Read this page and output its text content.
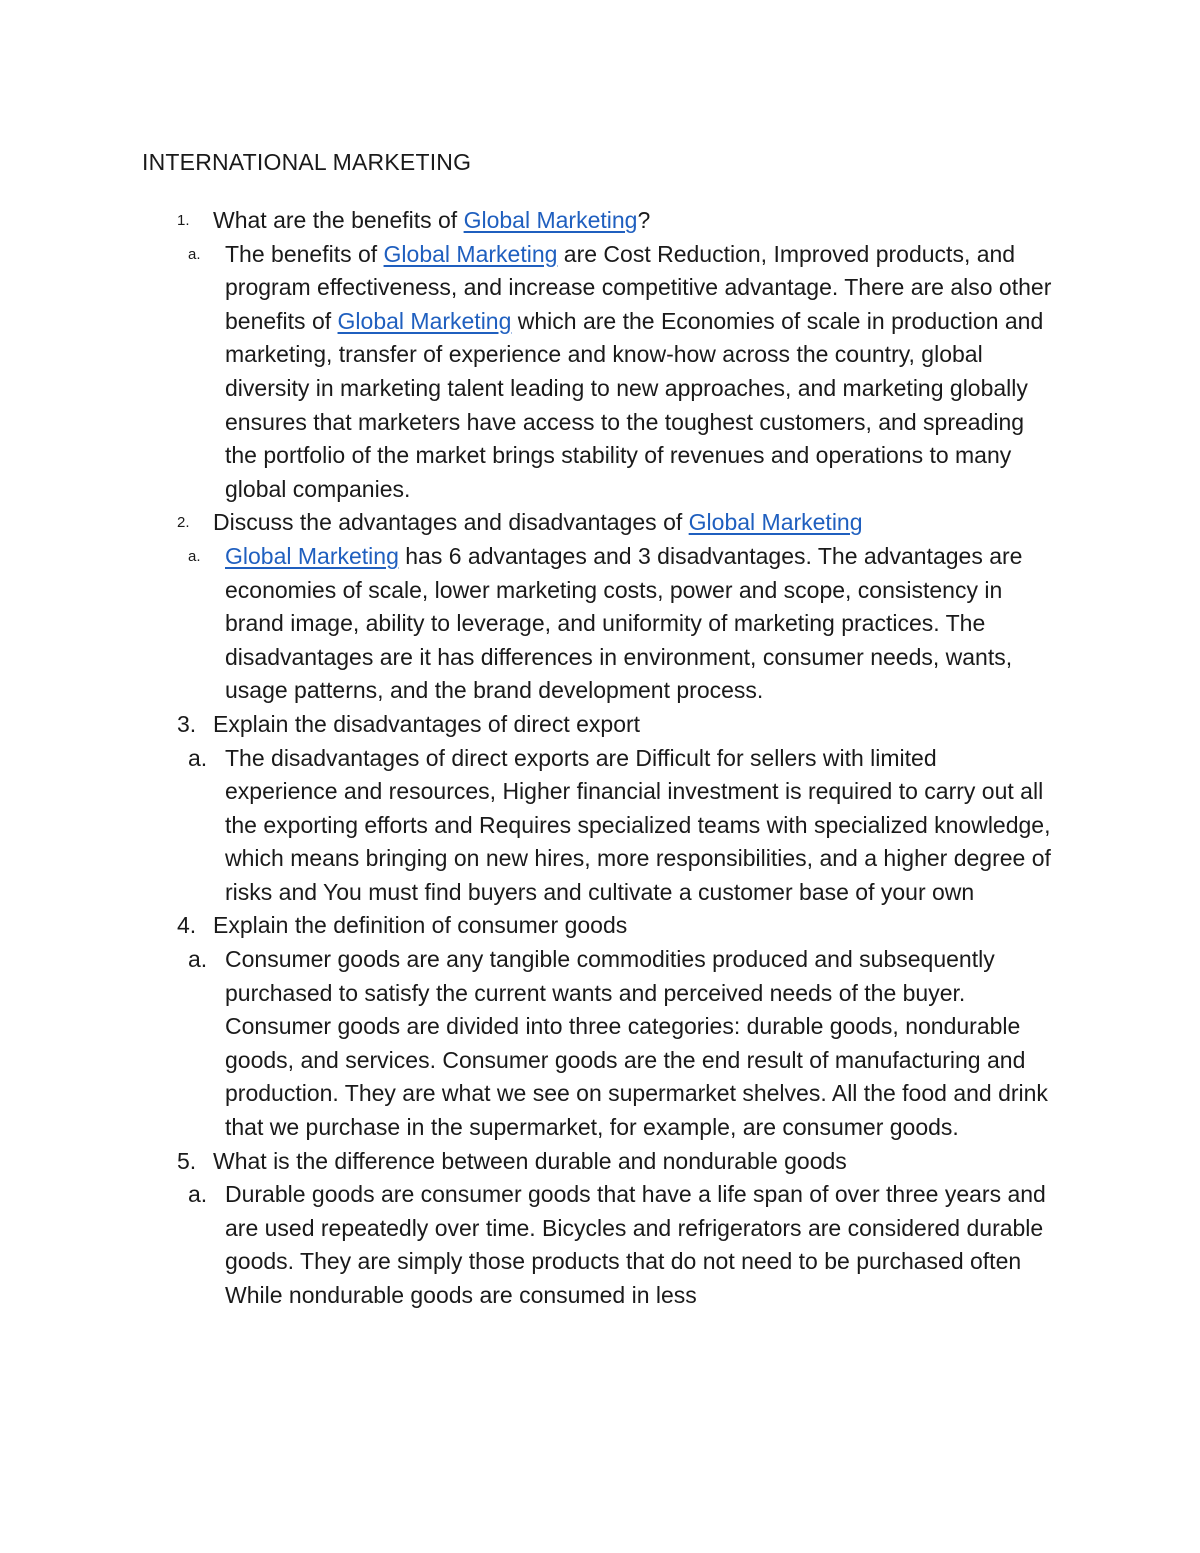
INTERNATIONAL MARKETING
1. What are the benefits of Global Marketing?
a. The benefits of Global Marketing are Cost Reduction, Improved products, and program effectiveness, and increase competitive advantage. There are also other benefits of Global Marketing which are the Economies of scale in production and marketing, transfer of experience and know-how across the country, global diversity in marketing talent leading to new approaches, and marketing globally ensures that marketers have access to the toughest customers, and spreading the portfolio of the market brings stability of revenues and operations to many global companies.
2. Discuss the advantages and disadvantages of Global Marketing
a. Global Marketing has 6 advantages and 3 disadvantages. The advantages are economies of scale, lower marketing costs, power and scope, consistency in brand image, ability to leverage, and uniformity of marketing practices. The disadvantages are it has differences in environment, consumer needs, wants, usage patterns, and the brand development process.
3. Explain the disadvantages of direct export
a. The disadvantages of direct exports are Difficult for sellers with limited experience and resources, Higher financial investment is required to carry out all the exporting efforts and Requires specialized teams with specialized knowledge, which means bringing on new hires, more responsibilities, and a higher degree of risks and You must find buyers and cultivate a customer base of your own
4. Explain the definition of consumer goods
a. Consumer goods are any tangible commodities produced and subsequently purchased to satisfy the current wants and perceived needs of the buyer. Consumer goods are divided into three categories: durable goods, nondurable goods, and services. Consumer goods are the end result of manufacturing and production. They are what we see on supermarket shelves. All the food and drink that we purchase in the supermarket, for example, are consumer goods.
5. What is the difference between durable and nondurable goods
a. Durable goods are consumer goods that have a life span of over three years and are used repeatedly over time. Bicycles and refrigerators are considered durable goods. They are simply those products that do not need to be purchased often While nondurable goods are consumed in less
